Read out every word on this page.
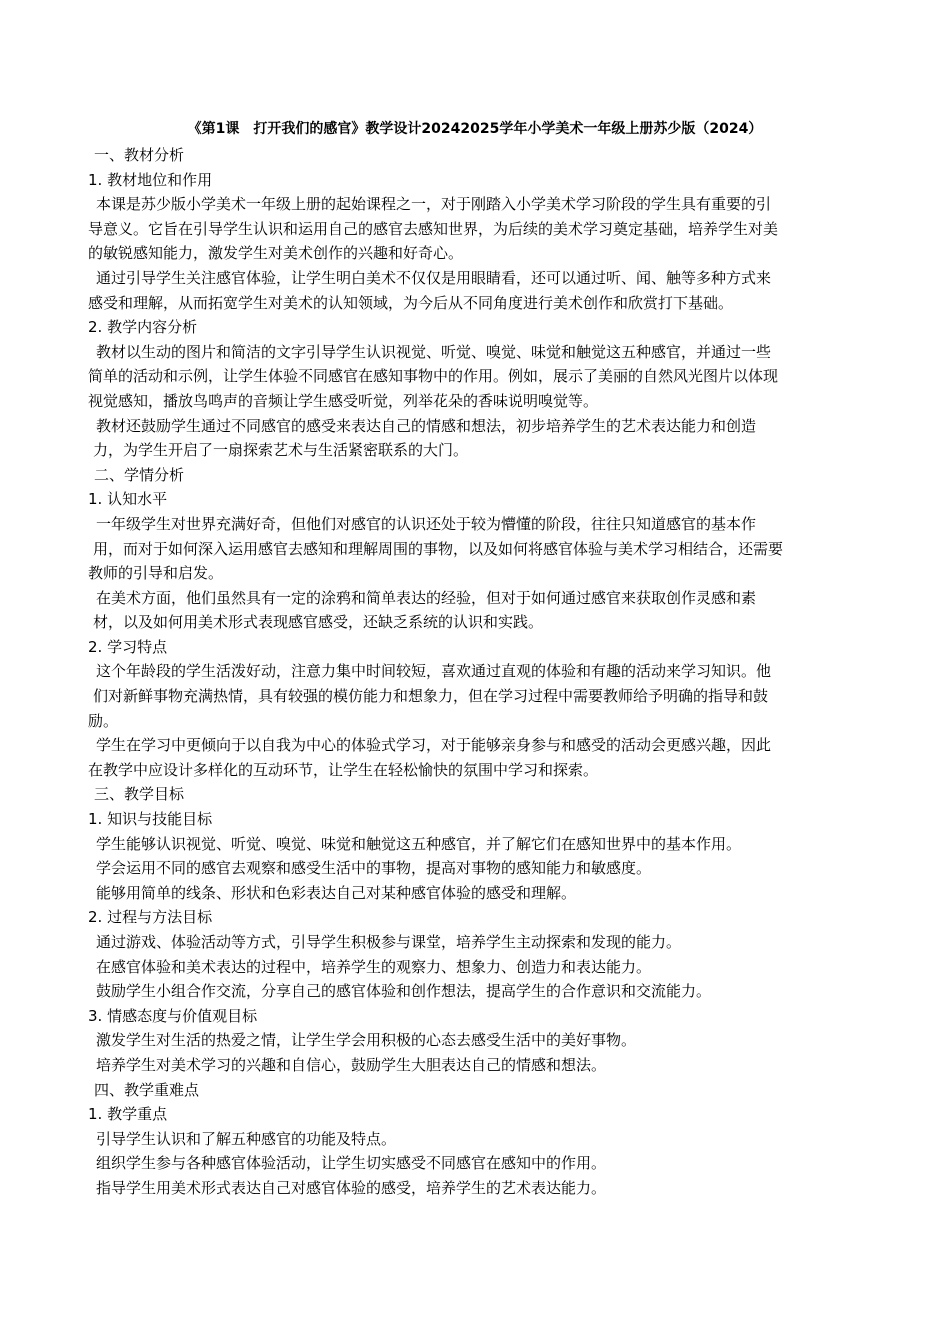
《第1课　打开我们的感官》教学设计20242025学年小学美术一年级上册苏少版（2024）
一、教材分析
1. 教材地位和作用
本课是苏少版小学美术一年级上册的起始课程之一，对于刚踏入小学美术学习阶段的学生具有重要的引
导意义。它旨在引导学生认识和运用自己的感官去感知世界，为后续的美术学习奠定基础，培养学生对美
的敏锐感知能力，激发学生对美术创作的兴趣和好奇心。
通过引导学生关注感官体验，让学生明白美术不仅仅是用眼睛看，还可以通过听、闻、触等多种方式来
感受和理解，从而拓宽学生对美术的认知领域，为今后从不同角度进行美术创作和欣赏打下基础。
2. 教学内容分析
教材以生动的图片和简洁的文字引导学生认识视觉、听觉、嗅觉、味觉和触觉这五种感官，并通过一些
简单的活动和示例，让学生体验不同感官在感知事物中的作用。例如，展示了美丽的自然风光图片以体现
视觉感知，播放鸟鸣声的音频让学生感受听觉，列举花朵的香味说明嗅觉等。
教材还鼓励学生通过不同感官的感受来表达自己的情感和想法，初步培养学生的艺术表达能力和创造
力，为学生开启了一扇探索艺术与生活紧密联系的大门。
二、学情分析
1. 认知水平
一年级学生对世界充满好奇，但他们对感官的认识还处于较为懵懂的阶段，往往只知道感官的基本作
用，而对于如何深入运用感官去感知和理解周围的事物，以及如何将感官体验与美术学习相结合，还需要
教师的引导和启发。
在美术方面，他们虽然具有一定的涂鸦和简单表达的经验，但对于如何通过感官来获取创作灵感和素
材，以及如何用美术形式表现感官感受，还缺乏系统的认识和实践。
2. 学习特点
这个年龄段的学生活泼好动，注意力集中时间较短，喜欢通过直观的体验和有趣的活动来学习知识。他
们对新鲜事物充满热情，具有较强的模仿能力和想象力，但在学习过程中需要教师给予明确的指导和鼓
励。
学生在学习中更倾向于以自我为中心的体验式学习，对于能够亲身参与和感受的活动会更感兴趣，因此
在教学中应设计多样化的互动环节，让学生在轻松愉快的氛围中学习和探索。
三、教学目标
1. 知识与技能目标
学生能够认识视觉、听觉、嗅觉、味觉和触觉这五种感官，并了解它们在感知世界中的基本作用。
学会运用不同的感官去观察和感受生活中的事物，提高对事物的感知能力和敏感度。
能够用简单的线条、形状和色彩表达自己对某种感官体验的感受和理解。
2. 过程与方法目标
通过游戏、体验活动等方式，引导学生积极参与课堂，培养学生主动探索和发现的能力。
在感官体验和美术表达的过程中，培养学生的观察力、想象力、创造力和表达能力。
鼓励学生小组合作交流，分享自己的感官体验和创作想法，提高学生的合作意识和交流能力。
3. 情感态度与价值观目标
激发学生对生活的热爱之情，让学生学会用积极的心态去感受生活中的美好事物。
培养学生对美术学习的兴趣和自信心，鼓励学生大胆表达自己的情感和想法。
四、教学重难点
1. 教学重点
引导学生认识和了解五种感官的功能及特点。
组织学生参与各种感官体验活动，让学生切实感受不同感官在感知中的作用。
指导学生用美术形式表达自己对感官体验的感受，培养学生的艺术表达能力。
